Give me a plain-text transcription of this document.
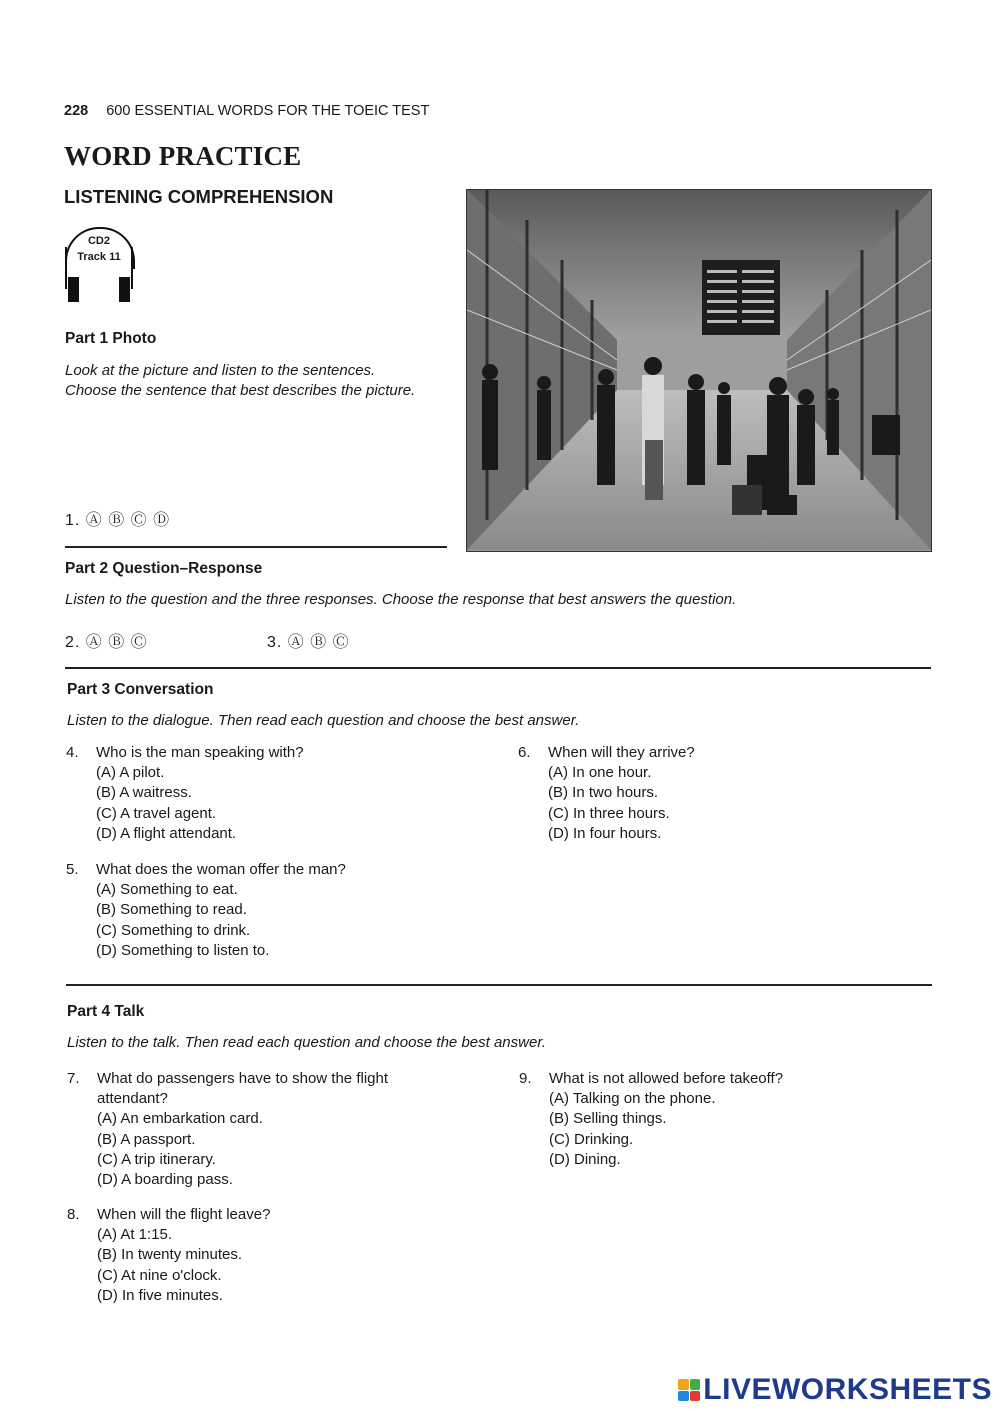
228 600 ESSENTIAL WORDS FOR THE TOEIC TEST
WORD PRACTICE
LISTENING COMPREHENSION
CD2
Track 11
Part 1 Photo
Look at the picture and listen to the sentences. Choose the sentence that best describes the picture.
1. Ⓐ Ⓑ Ⓒ Ⓓ
Part 2 Question–Response
Listen to the question and the three responses. Choose the response that best answers the question.
2. Ⓐ Ⓑ Ⓒ	3. Ⓐ Ⓑ Ⓒ
Part 3 Conversation
Listen to the dialogue. Then read each question and choose the best answer.
4. Who is the man speaking with?
(A) A pilot.
(B) A waitress.
(C) A travel agent.
(D) A flight attendant.
5. What does the woman offer the man?
(A) Something to eat.
(B) Something to read.
(C) Something to drink.
(D) Something to listen to.
6. When will they arrive?
(A) In one hour.
(B) In two hours.
(C) In three hours.
(D) In four hours.
Part 4 Talk
Listen to the talk. Then read each question and choose the best answer.
7. What do passengers have to show the flight
attendant?
(A) An embarkation card.
(B) A passport.
(C) A trip itinerary.
(D) A boarding pass.
8. When will the flight leave?
(A) At 1:15.
(B) In twenty minutes.
(C) At nine o'clock.
(D) In five minutes.
9. What is not allowed before takeoff?
(A) Talking on the phone.
(B) Selling things.
(C) Drinking.
(D) Dining.
LIVEWORKSHEETS
